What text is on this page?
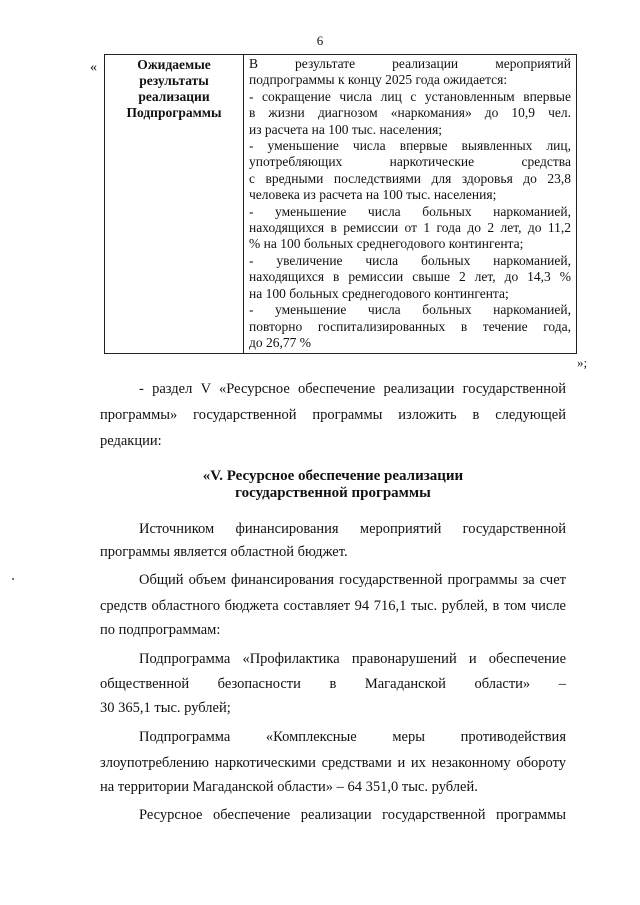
6
«	Ожидаемые
результаты
реализации
Подпрограммы

В результате реализации мероприятий
подпрограммы к концу 2025 года ожидается:
- сокращение числа лиц с установленным впервые
в жизни диагнозом «наркомания» до 10,9 чел.
из расчета на 100 тыс. населения;
- уменьшение числа впервые выявленных лиц,
употребляющих наркотические средства
с вредными последствиями для здоровья до 23,8
человека из расчета на 100 тыс. населения;
- уменьшение числа больных наркоманией,
находящихся в ремиссии от 1 года до 2 лет, до 11,2
% на 100 больных среднегодового контингента;
- увеличение числа больных наркоманией,
находящихся в ремиссии свыше 2 лет, до 14,3 %
на 100 больных среднегодового контингента;
- уменьшение числа больных наркоманией,
повторно госпитализированных в течение года,
до 26,77 %
»;
- раздел V «Ресурсное обеспечение реализации государственной
программы» государственной программы изложить в следующей
редакции:
«V. Ресурсное обеспечение реализации
государственной программы
Источником финансирования мероприятий государственной
программы является областной бюджет.
Общий объем финансирования государственной программы за счет
средств областного бюджета составляет 94 716,1 тыс. рублей, в том числе
по подпрограммам:
Подпрограмма «Профилактика правонарушений и обеспечение
общественной безопасности в Магаданской области» –
30 365,1 тыс. рублей;
Подпрограмма «Комплексные меры противодействия
злоупотреблению наркотическими средствами и их незаконному обороту
на территории Магаданской области» – 64 351,0 тыс. рублей.
Ресурсное обеспечение реализации государственной программы
